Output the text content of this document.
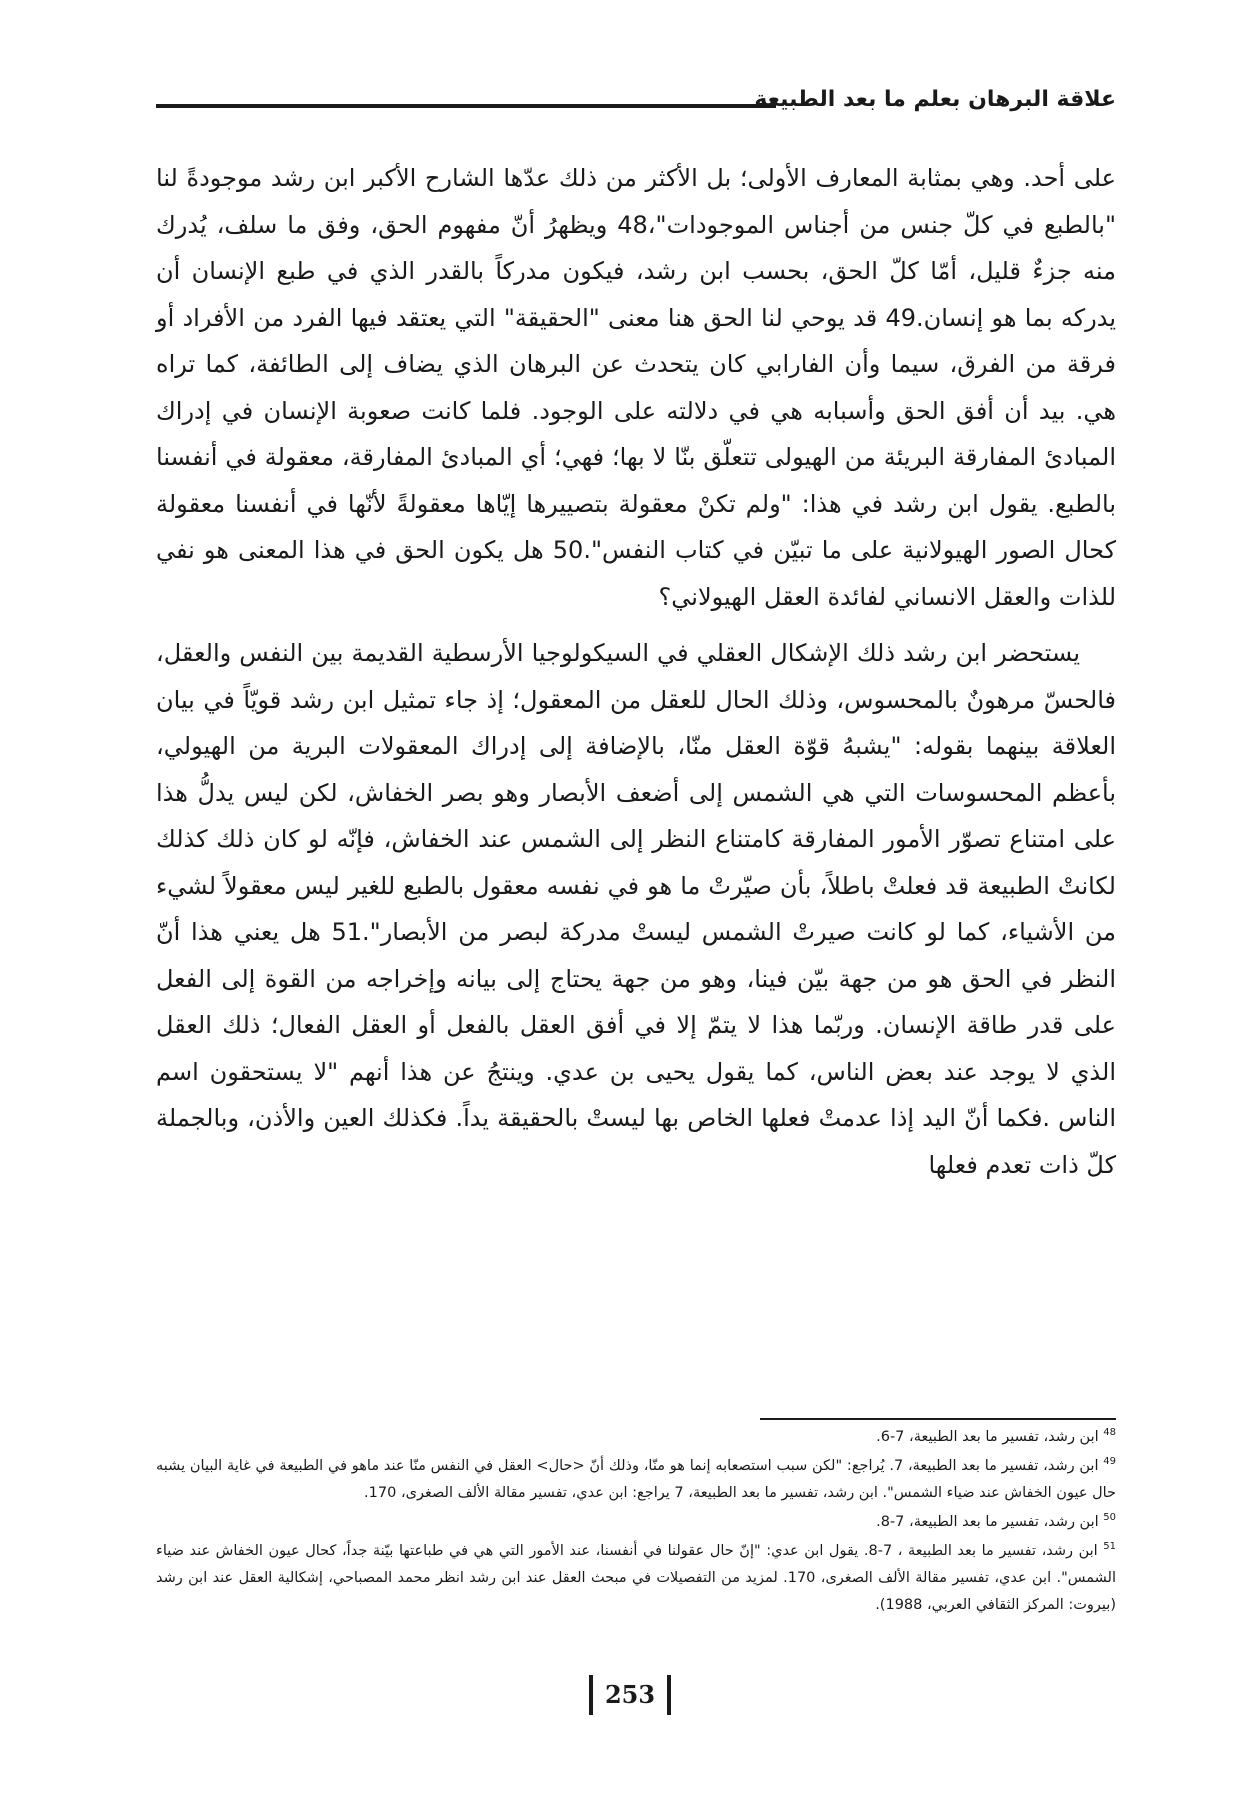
علاقة البرهان بعلم ما بعد الطبيعة

على أحد. وهي بمثابة المعارف الأولى؛ بل الأكثر من ذلك عدّها الشارح الأكبر ابن رشد موجودةً لنا "بالطبع في كلّ جنس من أجناس الموجودات"،48 ويظهرُ أنّ مفهوم الحق، وفق ما سلف، يُدرك منه جزءٌ قليل، أمّا كلّ الحق، بحسب ابن رشد، فيكون مدركاً بالقدر الذي في طبع الإنسان أن يدركه بما هو إنسان.49 قد يوحي لنا الحق هنا معنى "الحقيقة" التي يعتقد فيها الفرد من الأفراد أو فرقة من الفرق، سيما وأن الفارابي كان يتحدث عن البرهان الذي يضاف إلى الطائفة، كما تراه هي. بيد أن أفق الحق وأسبابه هي في دلالته على الوجود. فلما كانت صعوبة الإنسان في إدراك المبادئ المفارقة البريئة من الهيولى تتعلّق بنّا لا بها؛ فهي؛ أي المبادئ المفارقة، معقولة في أنفسنا بالطبع. يقول ابن رشد في هذا: "ولم تكنْ معقولة بتصييرها إيّاها معقولةً لأنّها في أنفسنا معقولة كحال الصور الهيولانية على ما تبيّن في كتاب النفس".50 هل يكون الحق في هذا المعنى هو نفي للذات والعقل الانساني لفائدة العقل الهيولاني؟

يستحضر ابن رشد ذلك الإشكال العقلي في السيكولوجيا الأرسطية القديمة بين النفس والعقل، فالحسّ مرهونٌ بالمحسوس، وذلك الحال للعقل من المعقول؛ إذ جاء تمثيل ابن رشد قويّاً في بيان العلاقة بينهما بقوله: "يشبهُ قوّة العقل منّا، بالإضافة إلى إدراك المعقولات البرية من الهيولي، بأعظم المحسوسات التي هي الشمس إلى أضعف الأبصار وهو بصر الخفاش، لكن ليس يدلُّ هذا على امتناع تصوّر الأمور المفارقة كامتناع النظر إلى الشمس عند الخفاش، فإنّه لو كان ذلك كذلك لكانتْ الطبيعة قد فعلتْ باطلاً، بأن صيّرتْ ما هو في نفسه معقول بالطبع للغير ليس معقولاً لشيء من الأشياء، كما لو كانت صيرتْ الشمس ليستْ مدركة لبصر من الأبصار".51 هل يعني هذا أنّ النظر في الحق هو من جهة بيّن فينا، وهو من جهة يحتاج إلى بيانه وإخراجه من القوة إلى الفعل على قدر طاقة الإنسان. وربّما هذا لا يتمّ إلا في أفق العقل بالفعل أو العقل الفعال؛ ذلك العقل الذي لا يوجد عند بعض الناس، كما يقول يحيى بن عدي. وينتجُ عن هذا أنهم "لا يستحقون اسم الناس .فكما أنّ اليد إذا عدمتْ فعلها الخاص بها ليستْ بالحقيقة يداً. فكذلك العين والأذن، وبالجملة كلّ ذات تعدم فعلها

$^{48}$ ابن رشد، تفسير ما بعد الطبيعة، 7-6.

$^{49}$ ابن رشد، تفسير ما بعد الطبيعة، 7. يُراجع: "لكن سبب استصعابه إنما هو منّا، وذلك أنّ <حال> العقل في النفس منّا عند ماهو في الطبيعة في غاية البيان يشبه حال عيون الخفاش عند ضياء الشمس". ابن رشد، تفسير ما بعد الطبيعة، 7 يراجع: ابن عدي، تفسير مقالة الألف الصغرى، 170.

$^{50}$ ابن رشد، تفسير ما بعد الطبيعة، 7-8.

$^{51}$ ابن رشد، تفسير ما بعد الطبيعة ، 7-8. يقول ابن عدي: "إنّ حال عقولنا في أنفسنا، عند الأمور التي هي في طباعتها بيّنة جداً، كحال عيون الخفاش عند ضياء الشمس". ابن عدي، تفسير مقالة الألف الصغرى، 170. لمزيد من التفصيلات في مبحث العقل عند ابن رشد انظر محمد المصباحي، إشكالية العقل عند ابن رشد (بيروت: المركز الثقافي العربي، 1988).

253
